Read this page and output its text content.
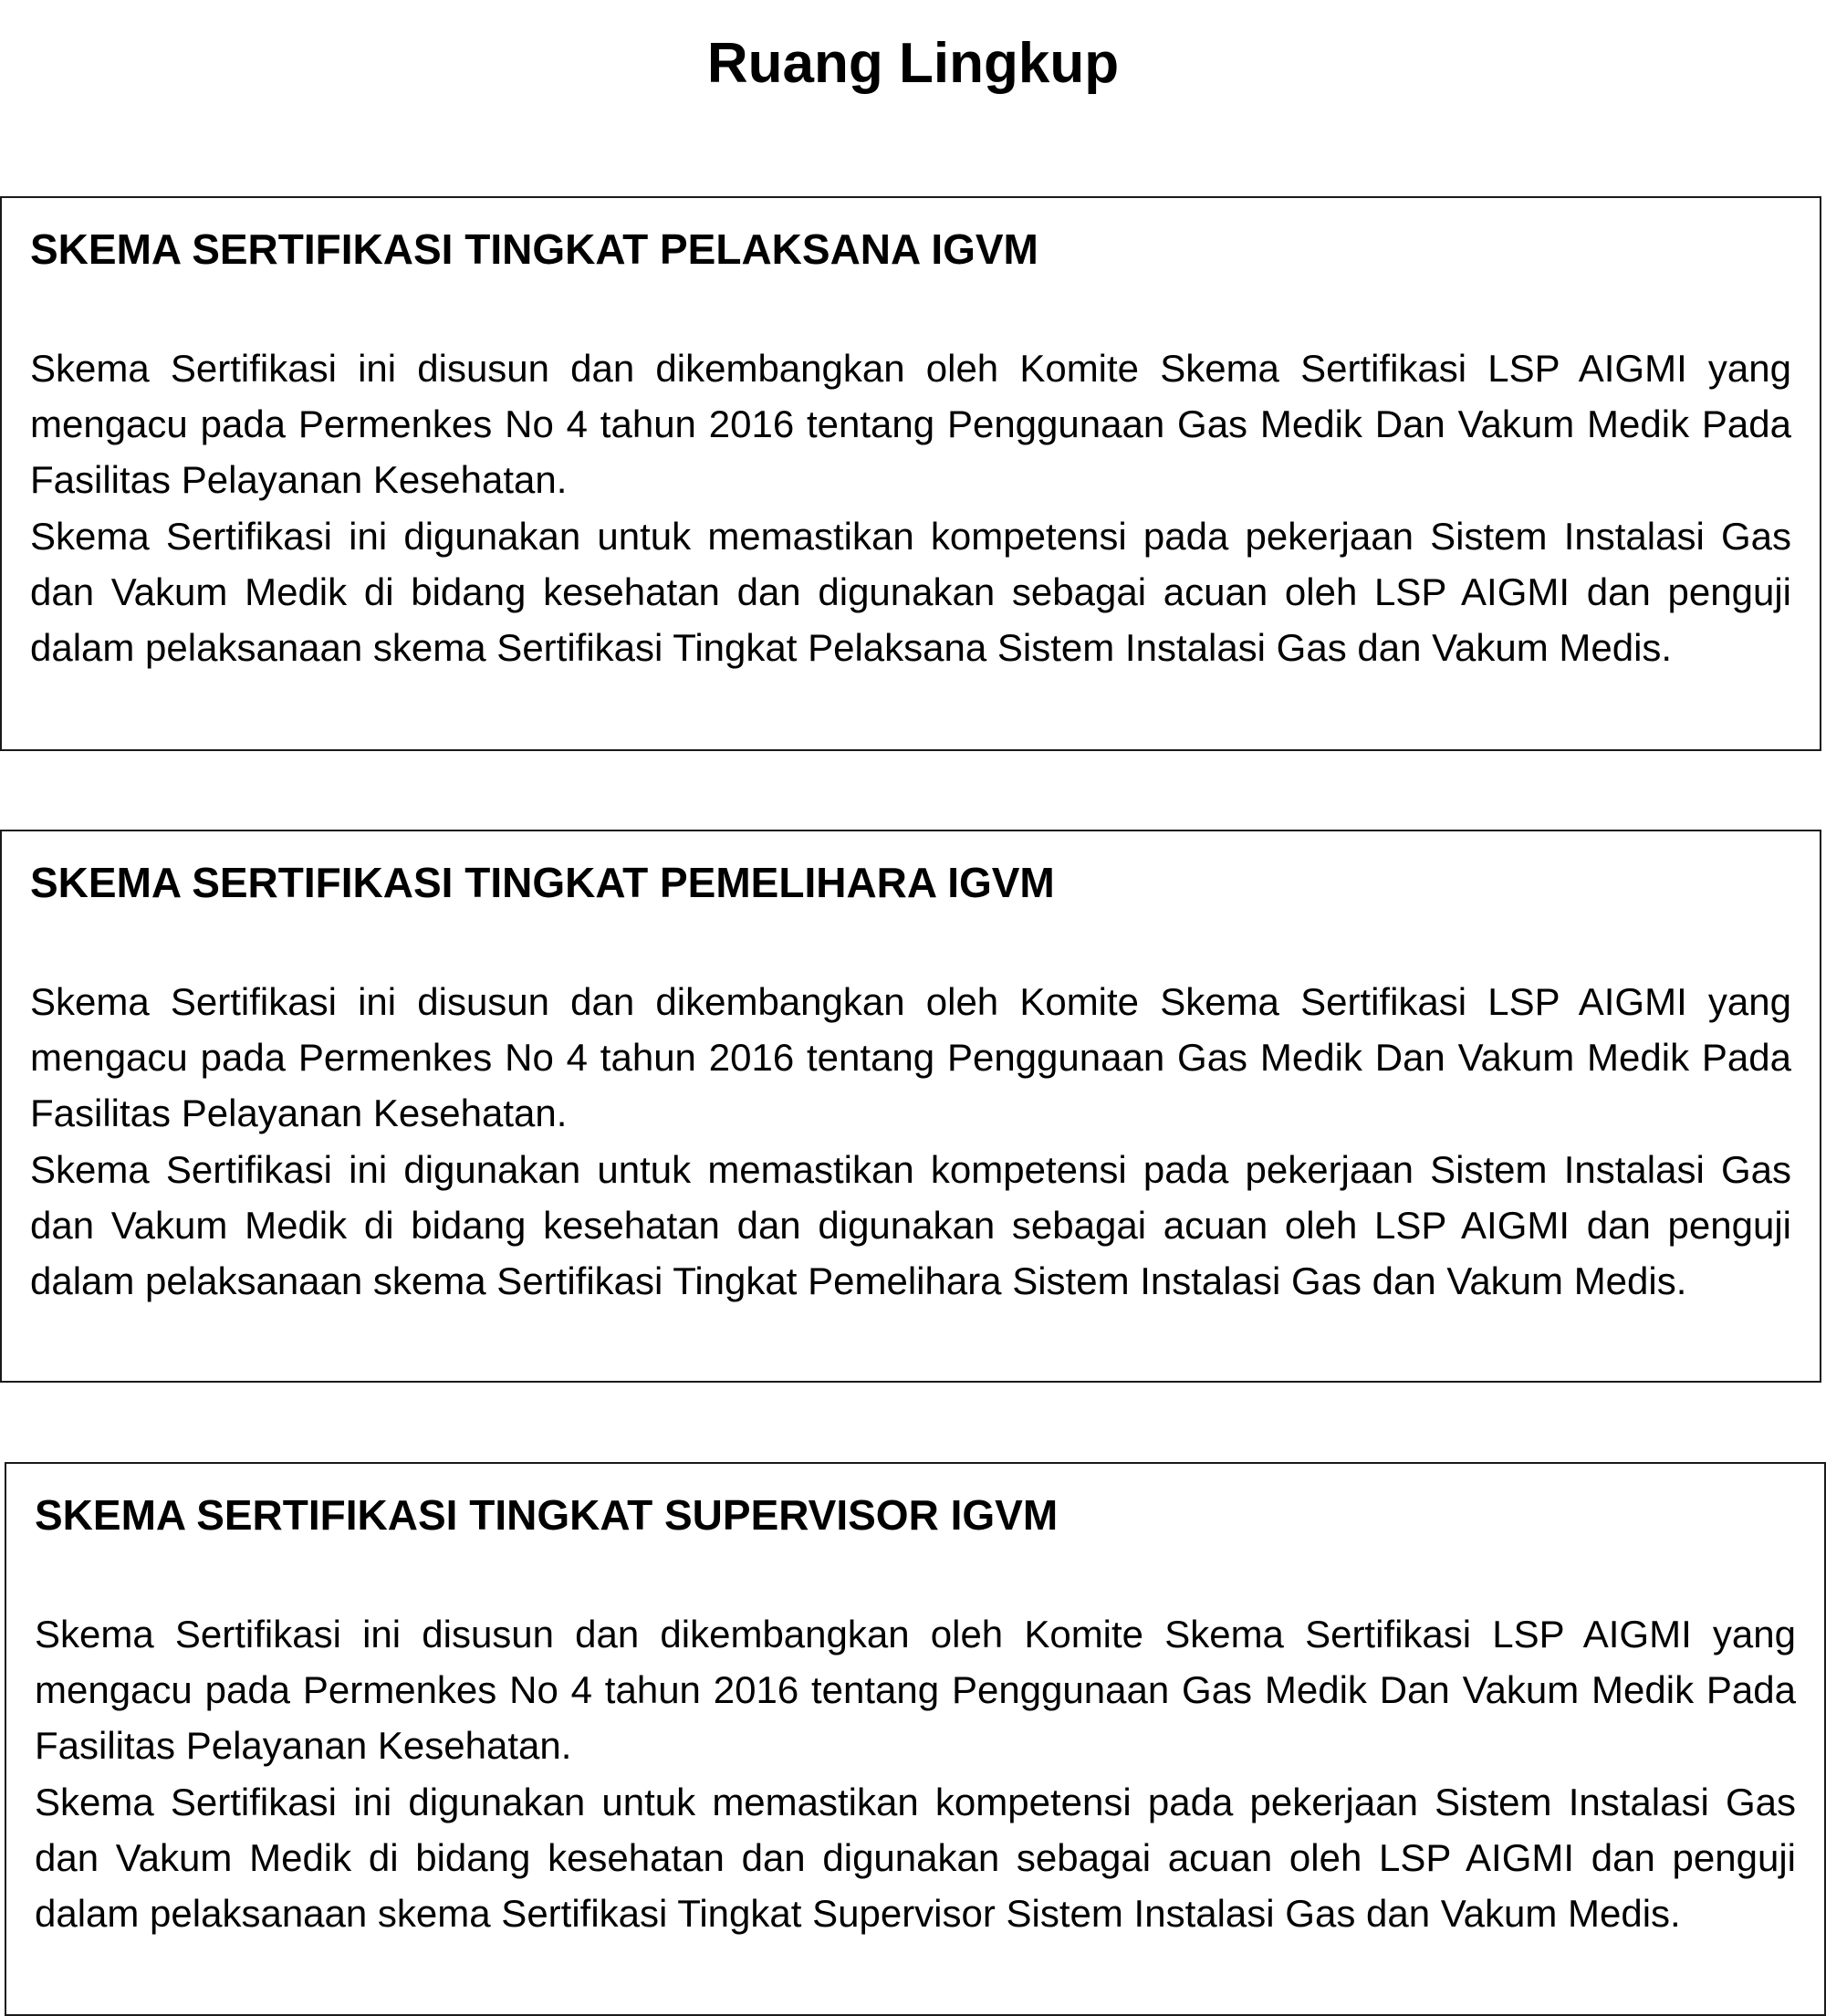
Ruang Lingkup
SKEMA SERTIFIKASI TINGKAT PELAKSANA IGVM

Skema Sertifikasi ini disusun dan dikembangkan oleh Komite Skema Sertifikasi LSP AIGMI yang mengacu pada Permenkes No 4 tahun 2016 tentang Penggunaan Gas Medik Dan Vakum Medik Pada Fasilitas Pelayanan Kesehatan.

Skema Sertifikasi ini digunakan untuk memastikan kompetensi pada pekerjaan Sistem Instalasi Gas dan Vakum Medik di bidang kesehatan dan digunakan sebagai acuan oleh LSP AIGMI dan penguji dalam pelaksanaan skema Sertifikasi Tingkat Pelaksana Sistem Instalasi Gas dan Vakum Medis.

SKEMA SERTIFIKASI TINGKAT PEMELIHARA IGVM

Skema Sertifikasi ini disusun dan dikembangkan oleh Komite Skema Sertifikasi LSP AIGMI yang mengacu pada Permenkes No 4 tahun 2016 tentang Penggunaan Gas Medik Dan Vakum Medik Pada Fasilitas Pelayanan Kesehatan.

Skema Sertifikasi ini digunakan untuk memastikan kompetensi pada pekerjaan Sistem Instalasi Gas dan Vakum Medik di bidang kesehatan dan digunakan sebagai acuan oleh LSP AIGMI dan penguji dalam pelaksanaan skema Sertifikasi Tingkat Pemelihara Sistem Instalasi Gas dan Vakum Medis.

SKEMA SERTIFIKASI TINGKAT SUPERVISOR IGVM

Skema Sertifikasi ini disusun dan dikembangkan oleh Komite Skema Sertifikasi LSP AIGMI yang mengacu pada Permenkes No 4 tahun 2016 tentang Penggunaan Gas Medik Dan Vakum Medik Pada Fasilitas Pelayanan Kesehatan.

Skema Sertifikasi ini digunakan untuk memastikan kompetensi pada pekerjaan Sistem Instalasi Gas dan Vakum Medik di bidang kesehatan dan digunakan sebagai acuan oleh LSP AIGMI dan penguji dalam pelaksanaan skema Sertifikasi Tingkat Supervisor Sistem Instalasi Gas dan Vakum Medis.
